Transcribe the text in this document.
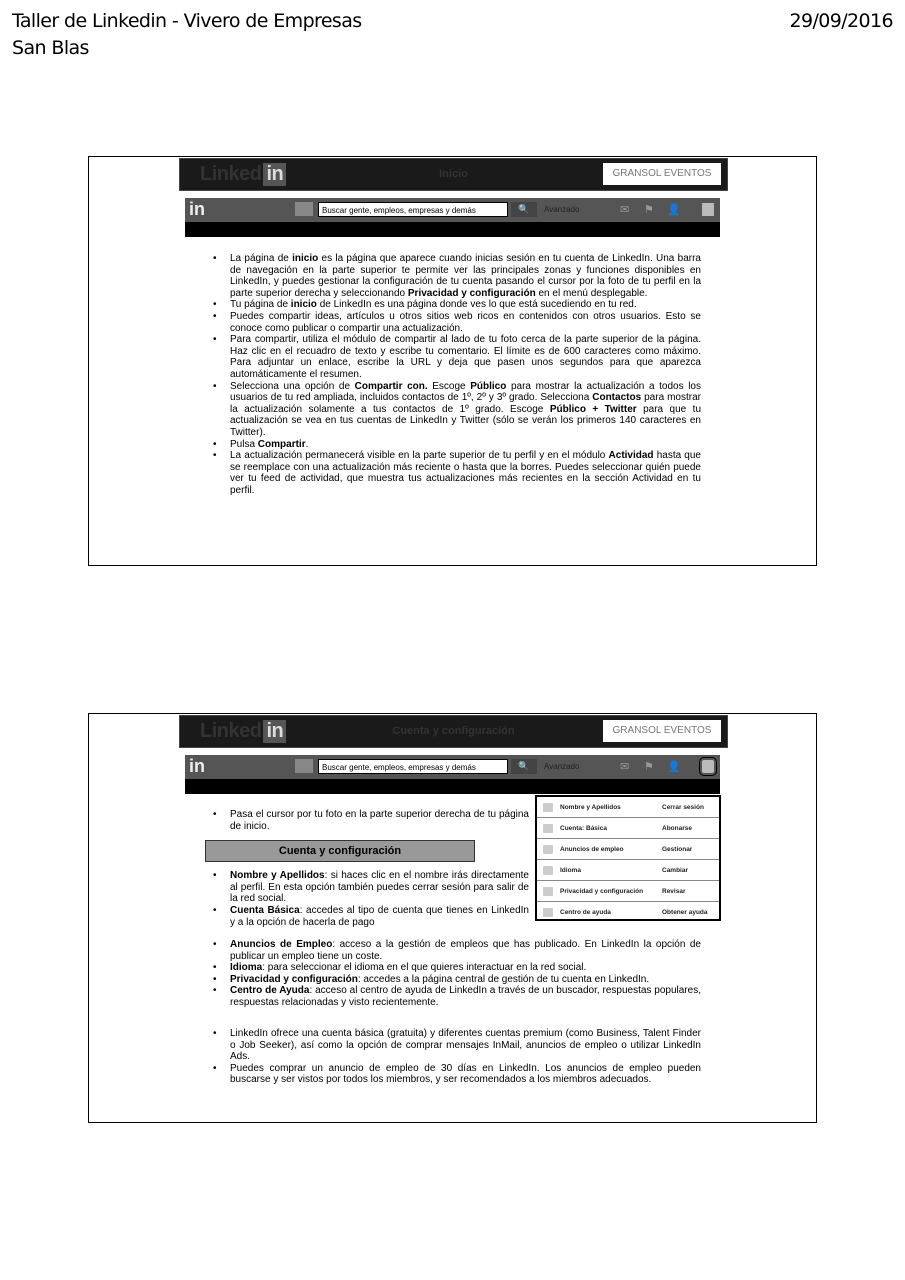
Taller de Linkedin - Vivero de Empresas San Blas
29/09/2016
Linked in	Inicio	GRANSOL EVENTOS
in	Buscar gente, empleos, empresas y demás	🔍	Avanzado	✉ ⚑ 👤
• La página de inicio es la página que aparece cuando inicias sesión en tu cuenta de LinkedIn. Una barra de navegación en la parte superior te permite ver las principales zonas y funciones disponibles en LinkedIn, y puedes gestionar la configuración de tu cuenta pasando el cursor por la foto de tu perfil en la parte superior derecha y seleccionando Privacidad y configuración en el menú desplegable.
• Tu página de inicio de LinkedIn es una página donde ves lo que está sucediendo en tu red.
• Puedes compartir ideas, artículos u otros sitios web ricos en contenidos con otros usuarios. Esto se conoce como publicar o compartir una actualización.
• Para compartir, utiliza el módulo de compartir al lado de tu foto cerca de la parte superior de la página. Haz clic en el recuadro de texto y escribe tu comentario. El límite es de 600 caracteres como máximo. Para adjuntar un enlace, escribe la URL y deja que pasen unos segundos para que aparezca automáticamente el resumen.
• Selecciona una opción de Compartir con. Escoge Público para mostrar la actualización a todos los usuarios de tu red ampliada, incluidos contactos de 1º, 2º y 3º grado. Selecciona Contactos para mostrar la actualización solamente a tus contactos de 1º grado. Escoge Público + Twitter para que tu actualización se vea en tus cuentas de LinkedIn y Twitter (sólo se verán los primeros 140 caracteres en Twitter).
• Pulsa Compartir.
• La actualización permanecerá visible en la parte superior de tu perfil y en el módulo Actividad hasta que se reemplace con una actualización más reciente o hasta que la borres. Puedes seleccionar quién puede ver tu feed de actividad, que muestra tus actualizaciones más recientes en la sección Actividad en tu perfil.
Linked in	Cuenta y configuración	GRANSOL EVENTOS
in	Buscar gente, empleos, empresas y demás	🔍	Avanzado	✉ ⚑ 👤
Nombre y Apellidos	Cerrar sesión
Cuenta: Básica	Abonarse
Anuncios de empleo	Gestionar
Idioma	Cambiar
Privacidad y configuración	Revisar
Centro de ayuda	Obtener ayuda
• Pasa el cursor por tu foto en la parte superior derecha de tu página de inicio.
Cuenta y configuración
• Nombre y Apellidos: si haces clic en el nombre irás directamente al perfil. En esta opción también puedes cerrar sesión para salir de la red social.
• Cuenta Básica: accedes al tipo de cuenta que tienes en LinkedIn y a la opción de hacerla de pago
• Anuncios de Empleo: acceso a la gestión de empleos que has publicado. En LinkedIn la opción de publicar un empleo tiene un coste.
• Idioma: para seleccionar el idioma en el que quieres interactuar en la red social.
• Privacidad y configuración: accedes a la página central de gestión de tu cuenta en LinkedIn.
• Centro de Ayuda: acceso al centro de ayuda de LinkedIn a través de un buscador, respuestas populares, respuestas relacionadas y visto recientemente.
• LinkedIn ofrece una cuenta básica (gratuita) y diferentes cuentas premium (como Business, Talent Finder o Job Seeker), así como la opción de comprar mensajes InMail, anuncios de empleo o utilizar LinkedIn Ads.
• Puedes comprar un anuncio de empleo de 30 días en LinkedIn. Los anuncios de empleo pueden buscarse y ser vistos por todos los miembros, y ser recomendados a los miembros adecuados.
